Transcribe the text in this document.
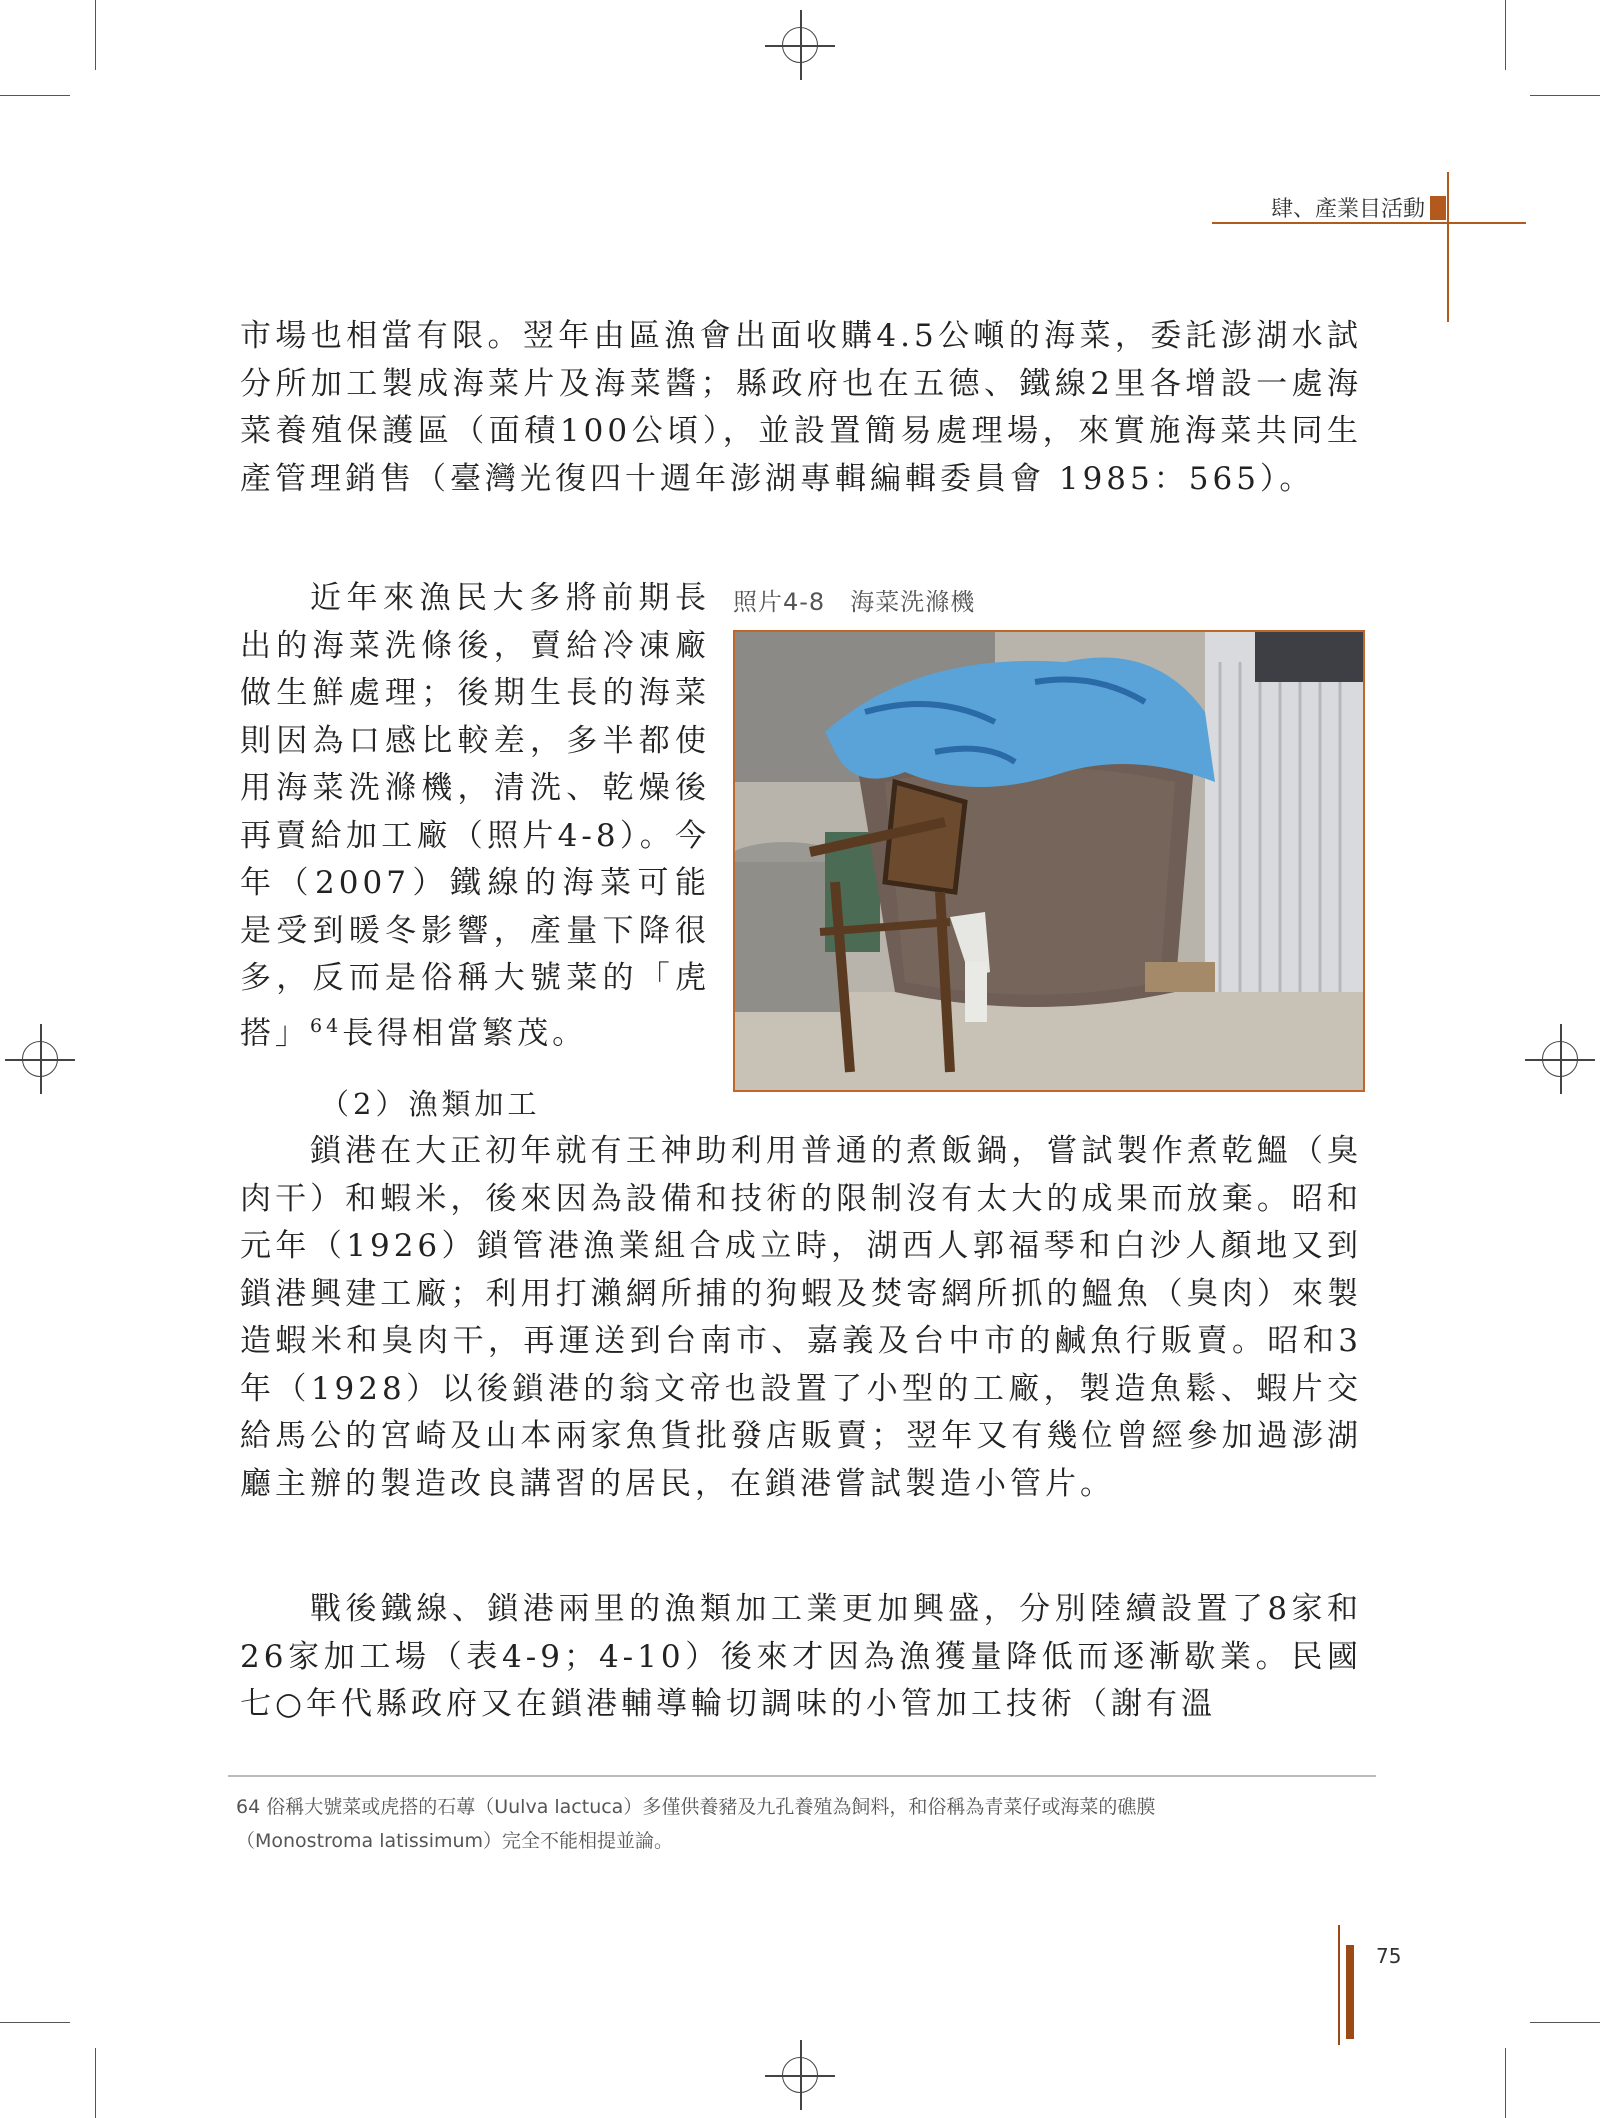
肆、產業目活動

市場也相當有限。翌年由區漁會出面收購4.5公噸的海菜，委託澎湖水試分所加工製成海菜片及海菜醬；縣政府也在五德、鐵線2里各增設一處海菜養殖保護區（面積100公頃），並設置簡易處理場，來實施海菜共同生產管理銷售（臺灣光復四十週年澎湖專輯編輯委員會 1985：565）。

近年來漁民大多將前期長出的海菜洗條後，賣給冷凍廠做生鮮處理；後期生長的海菜則因為口感比較差，多半都使用海菜洗滌機，清洗、乾燥後再賣給加工廠（照片4-8）。今年（2007）鐵線的海菜可能是受到暖冬影響，產量下降很多，反而是俗稱大號菜的「虎搭」$^{64}$長得相當繁茂。

照片4-8　海菜洗滌機
（2）漁類加工

鎖港在大正初年就有王神助利用普通的煮飯鍋，嘗試製作煮乾鰮（臭肉干）和蝦米，後來因為設備和技術的限制沒有太大的成果而放棄。昭和元年（1926）鎖管港漁業組合成立時，湖西人郭福琴和白沙人顏地又到鎖港興建工廠；利用打瀨網所捕的狗蝦及焚寄網所抓的鰮魚（臭肉）來製造蝦米和臭肉干，再運送到台南市、嘉義及台中市的鹹魚行販賣。昭和3年（1928）以後鎖港的翁文帝也設置了小型的工廠，製造魚鬆、蝦片交給馬公的宮崎及山本兩家魚貨批發店販賣；翌年又有幾位曾經參加過澎湖廳主辦的製造改良講習的居民，在鎖港嘗試製造小管片。

戰後鐵線、鎖港兩里的漁類加工業更加興盛，分別陸續設置了8家和26家加工場（表4-9；4-10）後來才因為漁獲量降低而逐漸歇業。民國七○年代縣政府又在鎖港輔導輪切調味的小管加工技術（謝有溫

64 俗稱大號菜或虎搭的石蓴（Uulva lactuca）多僅供養豬及九孔養殖為飼料，和俗稱為青菜仔或海菜的礁膜
（Monostroma latissimum）完全不能相提並論。

75
